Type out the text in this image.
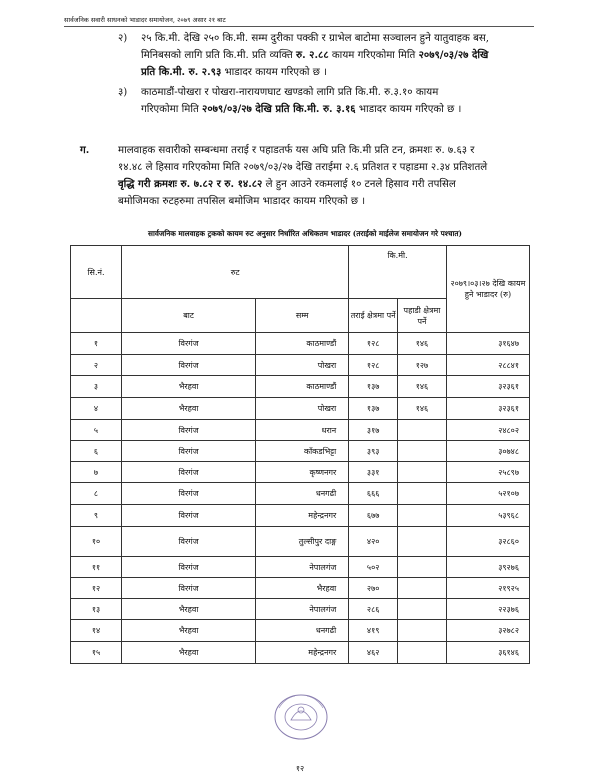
सार्वजनिक सवारी साधनको भाडादर समायोजन, २०७९ असार २१ बाट
२) २५ कि.मी. देखि २५० कि.मी. सम्म दुरीका पक्की र ग्राभेल बाटोमा सञ्चालन हुने यातुवाहक बस,
मिनिबसको लागि प्रति कि.मी. प्रति व्यक्ति रु. २.८८ कायम गरिएकोमा मिति २०७९/०३/२७ देखि
प्रति कि.मी. रु. २.९३ भाडादर कायम गरिएको छ ।
३) काठमाडौं-पोखरा र पोखरा-नारायणघाट खण्डको लागि प्रति कि.मी. रु.३.१० कायम
गरिएकोमा मिति २०७९/०३/२७ देखि प्रति कि.मी. रु. ३.१६ भाडादर कायम गरिएको छ ।
ग.	मालवाहक सवारीको सम्बन्धमा तराई र पहाडतर्फ यस अघि प्रति कि.मी प्रति टन, क्रमशः रु. ७.६३ र
१४.४८ ले हिसाव गरिएकोमा मिति २०७९/०३/२७ देखि तराईमा २.६ प्रतिशत र पहाडमा २.३४ प्रतिशतले
वृद्धि गरी क्रमशः रु. ७.८२ र रु. १४.८२ ले हुन आउने रकमलाई १० टनले हिसाव गरी तपसिल
बमोजिमका रुटहरुमा तपसिल बमोजिम भाडादर कायम गरिएको छ ।
सार्वजनिक मालवाहक ट्रकको कायम रुट अनुसार निर्धारित अधिकतम भाडादर (तराईको माईलेज समायोजन गरे पश्चात)
सि.नं.	रुट		कि.मी.		२०७९।०३।२७ देखि कायम हुने भाडादर (रु)
	बाट	सम्म	तराई क्षेत्रमा पर्ने	पहाडी क्षेत्रमा पर्ने	
१	विरगंज	काठमाण्डौं	१२८	१४६	३१६४७
२	विरगंज	पोखरा	१२८	१२७	२८८४१
३	भैरहवा	काठमाण्डौं	१३७	१४६	३२३६१
४	भैरहवा	पोखरा	१३७	१४६	३२३६१
५	विरगंज	धरान	३१७		२४८०२
६	विरगंज	काँकडभिट्टा	३९३		३०७४८
७	विरगंज	कृष्णनगर	३३१		२५८९७
८	विरगंज	धनगढी	६६६		५२१०७
९	विरगंज	महेन्द्रनगर	६७७		५३९६८
१०	विरगंज	तुल्सीपुर दाङ्ग	४२०		३२८६०
११	विरगंज	नेपालगंज	५०२		३९२७६
१२	विरगंज	भैरहवा	२७०		२१९२५
१३	भैरहवा	नेपालगंज	२८६		२२३७६
१४	भैरहवा	धनगढी	४१९		३२७८२
१५	भैरहवा	महेन्द्रनगर	४६२		३६१४६
१२
